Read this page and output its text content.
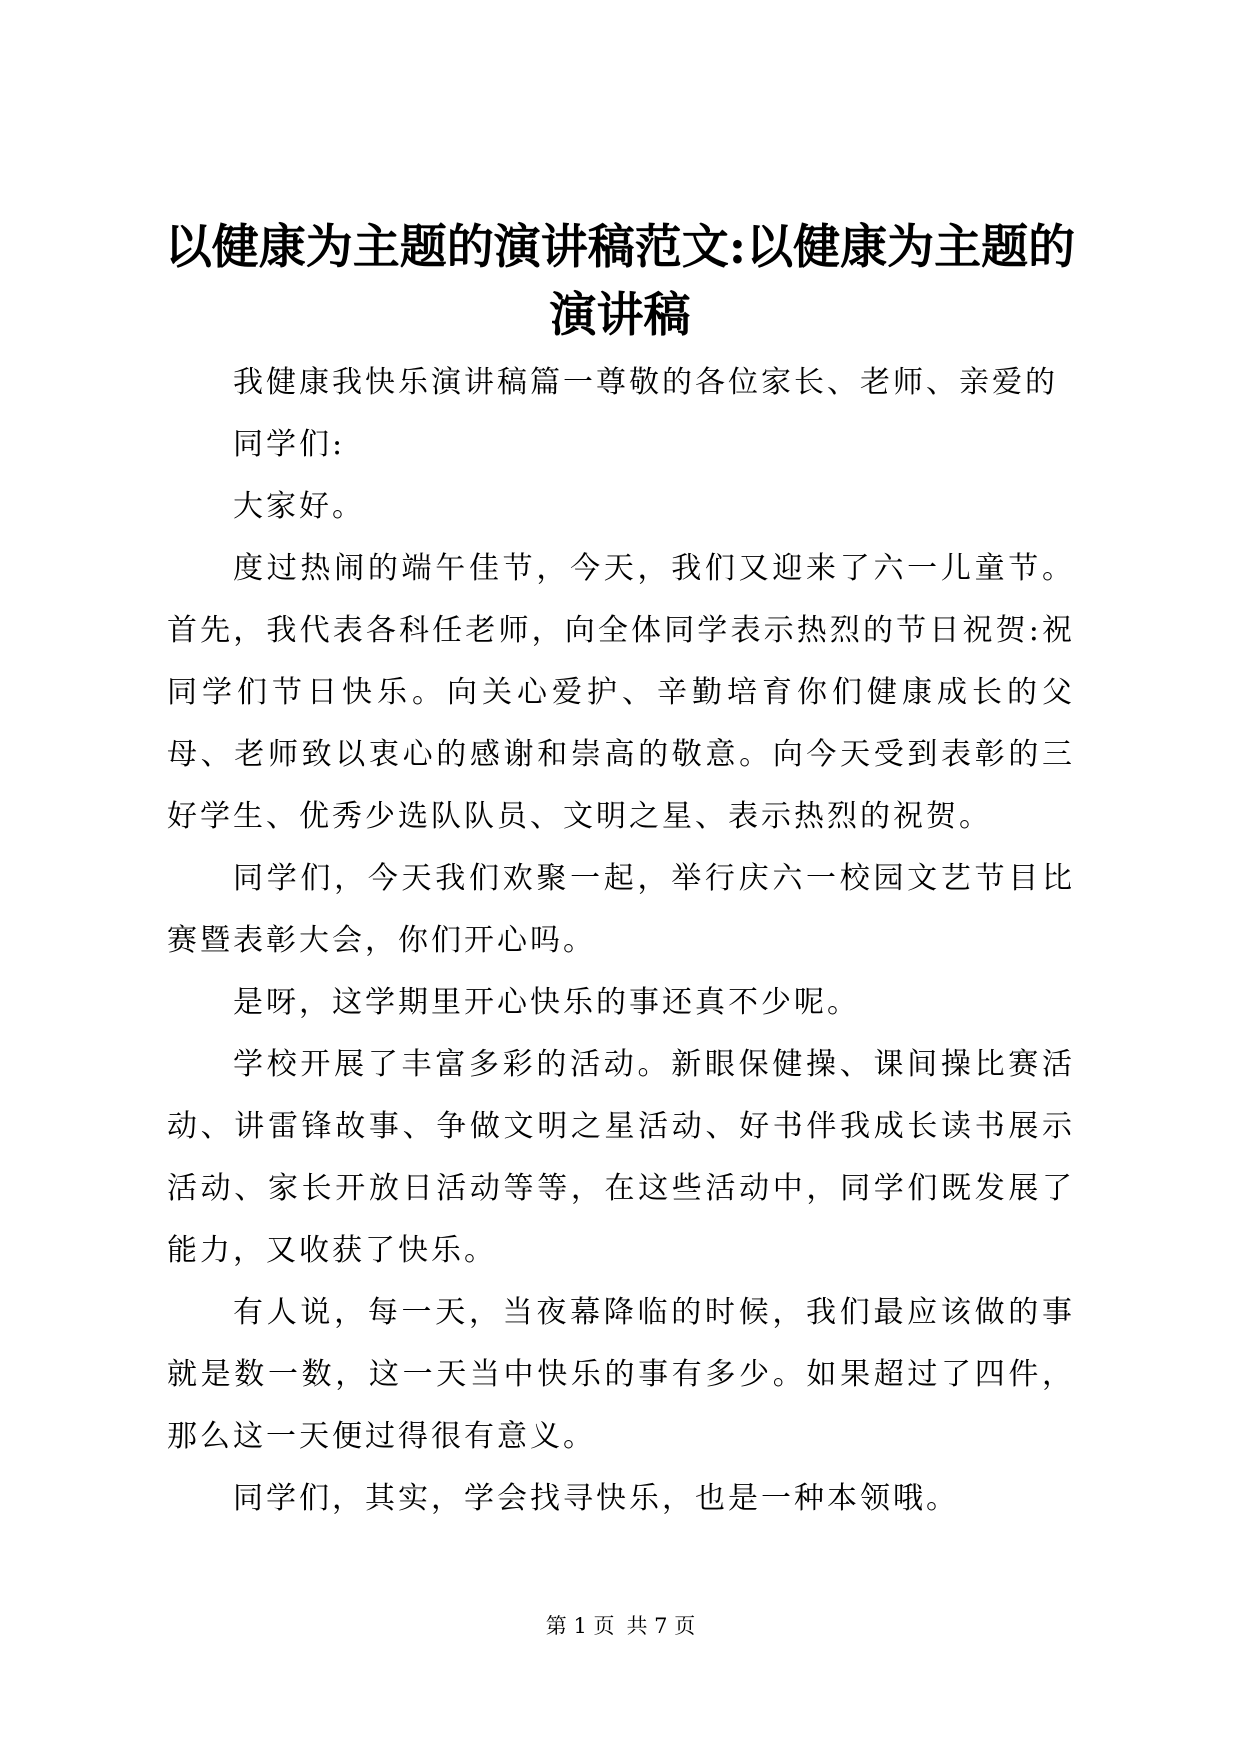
以健康为主题的演讲稿范文:以健康为主题的演讲稿

我健康我快乐演讲稿篇一尊敬的各位家长、老师、亲爱的

同学们:

大家好。

度过热闹的端午佳节，今天，我们又迎来了六一儿童节。首先，我代表各科任老师，向全体同学表示热烈的节日祝贺:祝同学们节日快乐。向关心爱护、辛勤培育你们健康成长的父母、老师致以衷心的感谢和崇高的敬意。向今天受到表彰的三好学生、优秀少选队队员、文明之星、表示热烈的祝贺。

同学们，今天我们欢聚一起，举行庆六一校园文艺节目比赛暨表彰大会，你们开心吗。

是呀，这学期里开心快乐的事还真不少呢。

学校开展了丰富多彩的活动。新眼保健操、课间操比赛活动、讲雷锋故事、争做文明之星活动、好书伴我成长读书展示活动、家长开放日活动等等，在这些活动中，同学们既发展了能力，又收获了快乐。

有人说，每一天，当夜幕降临的时候，我们最应该做的事就是数一数，这一天当中快乐的事有多少。如果超过了四件，那么这一天便过得很有意义。

同学们，其实，学会找寻快乐，也是一种本领哦。

第 1 页 共 7 页
